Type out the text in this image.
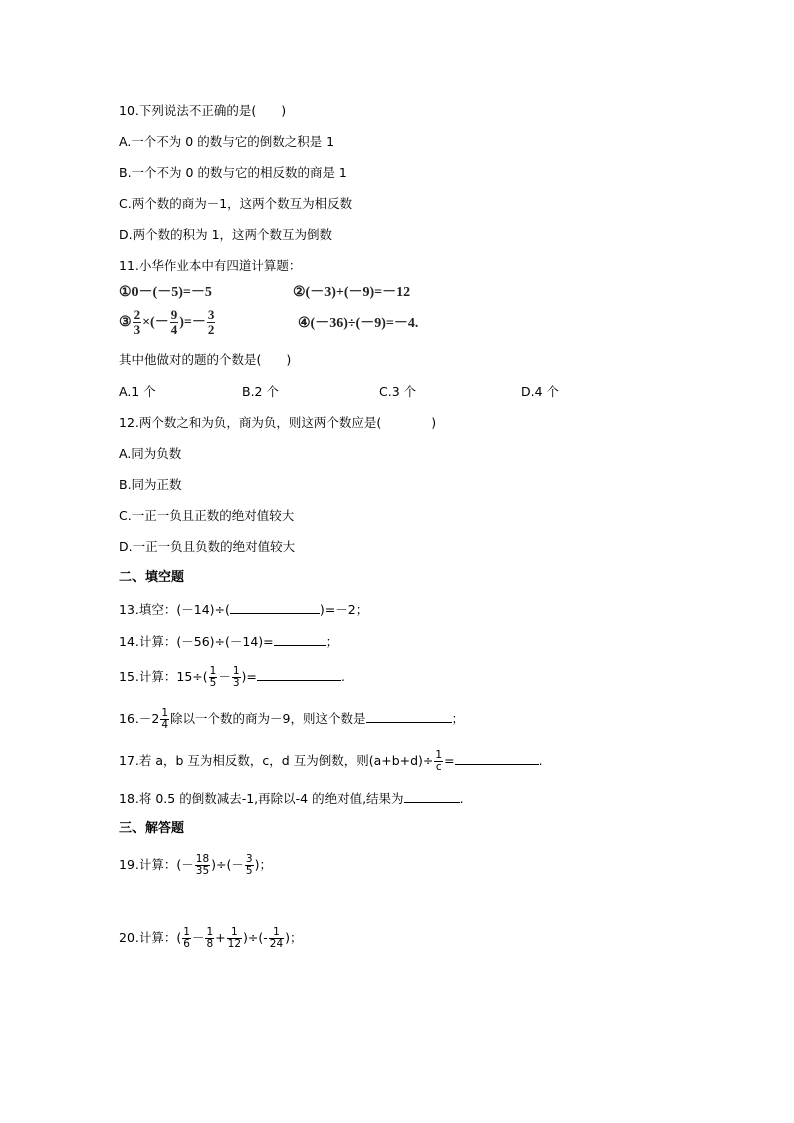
10.下列说法不正确的是(　　)
A.一个不为 0 的数与它的倒数之积是 1
B.一个不为 0 的数与它的相反数的商是 1
C.两个数的商为－1，这两个数互为相反数
D.两个数的积为 1，这两个数互为倒数
11.小华作业本中有四道计算题：
①0－(－5)=－5	②(－3)+(－9)=－12
③ $\frac{2}{3}$ ×(－ $\frac{9}{4}$ )=－ $\frac{3}{2}$	④(－36)÷(－9)=－4.
其中他做对的题的个数是(　　)
A.1 个	B.2 个	C.3 个	D.4 个
12.两个数之和为负，商为负，则这两个数应是(　　　　)
A.同为负数
B.同为正数
C.一正一负且正数的绝对值较大
D.一正一负且负数的绝对值较大
二、填空题
13.填空：(－14)÷(	)=－2；
14.计算：(－56)÷(－14)=	；
15.计算：$15\div( \frac{1}{5} - \frac{1}{3}$ )=	.
$16.-2 \frac{1}{4}$ 除以一个数的商为－9，则这个数是	；
17.若 a，b 互为相反数，c，d 互为倒数，则$(a+b+d)\div \frac{1}{c}$ =	.
18.将 0.5 的倒数减去-1,再除以-4 的绝对值,结果为	.
三、解答题
19.计算：(－ $\frac{18}{35}$ )÷(－ $\frac{3}{5}$ )；
20.计算：( $\frac{1}{6} - \frac{1}{8} + \frac{1}{12}$ )÷(- $\frac{1}{24}$ )；
